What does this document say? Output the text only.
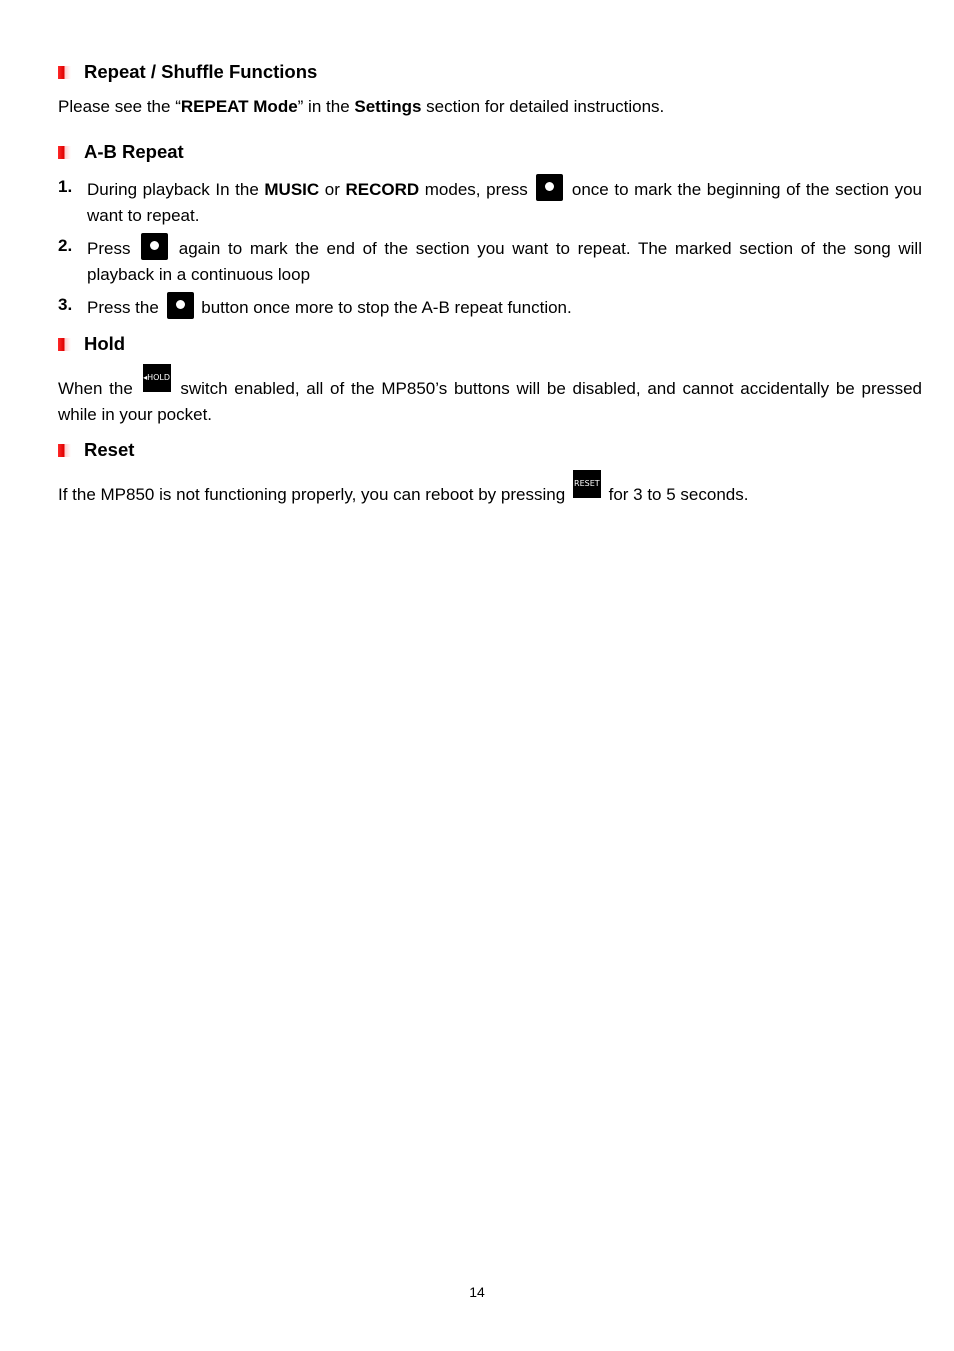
Repeat / Shuffle Functions
Please see the “REPEAT Mode” in the Settings section for detailed instructions.
A-B Repeat
1. During playback In the MUSIC or RECORD modes, press
once to mark the beginning of the section you want to repeat.
2. Press
again to mark the end of the section you want to repeat. The marked section of the song will playback in a continuous loop
3. Press the
button once more to stop the A-B repeat function.
Hold
When the ◂HOLD switch enabled, all of the MP850’s buttons will be disabled, and cannot accidentally be pressed while in your pocket.
Reset
If the MP850 is not functioning properly, you can reboot by pressing RESET for 3 to 5 seconds.
14
